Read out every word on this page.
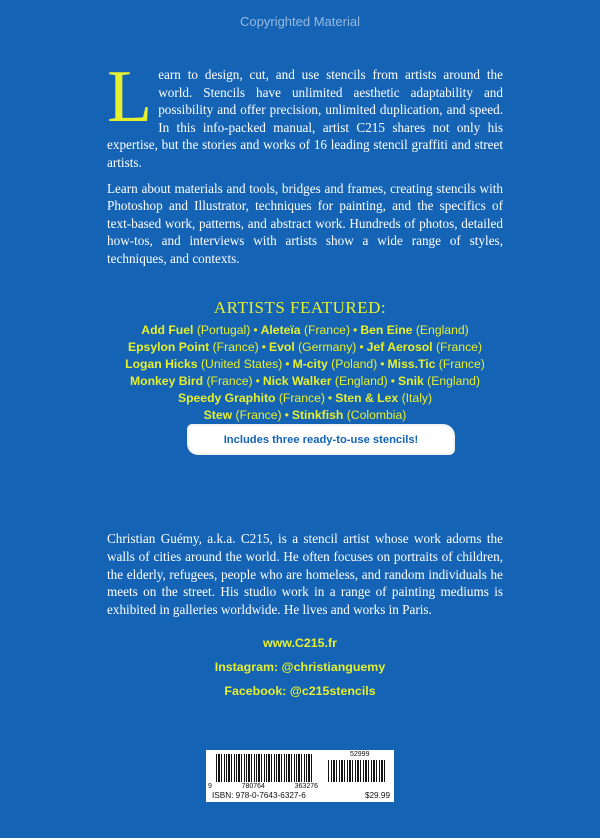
Copyrighted Material

Learn to design, cut, and use stencils from artists around the world. Stencils have unlimited aesthetic adaptability and possibility and offer precision, unlimited duplication, and speed. In this info-packed manual, artist C215 shares not only his expertise, but the stories and works of 16 leading stencil graffiti and street artists.

Learn about materials and tools, bridges and frames, creating stencils with Photoshop and Illustrator, techniques for painting, and the specifics of text-based work, patterns, and abstract work. Hundreds of photos, detailed how-tos, and interviews with artists show a wide range of styles, techniques, and contexts.

ARTISTS FEATURED:
Add Fuel (Portugal) • Aleteïa (France) • Ben Eine (England)
Epsylon Point (France) • Evol (Germany) • Jef Aerosol (France)
Logan Hicks (United States) • M-city (Poland) • Miss.Tic (France)
Monkey Bird (France) • Nick Walker (England) • Snik (England)
Speedy Graphito (France) • Sten & Lex (Italy)
Stew (France) • Stinkfish (Colombia)
Includes three ready-to-use stencils!
Christian Guémy, a.k.a. C215, is a stencil artist whose work adorns the walls of cities around the world. He often focuses on portraits of children, the elderly, refugees, people who are homeless, and random individuals he meets on the street. His studio work in a range of painting mediums is exhibited in galleries worldwide. He lives and works in Paris.
www.C215.fr
Instagram: @christianguemy
Facebook: @c215stencils
52999
9	780764	363276
ISBN: 978-0-7643-6327-6	$29.99
